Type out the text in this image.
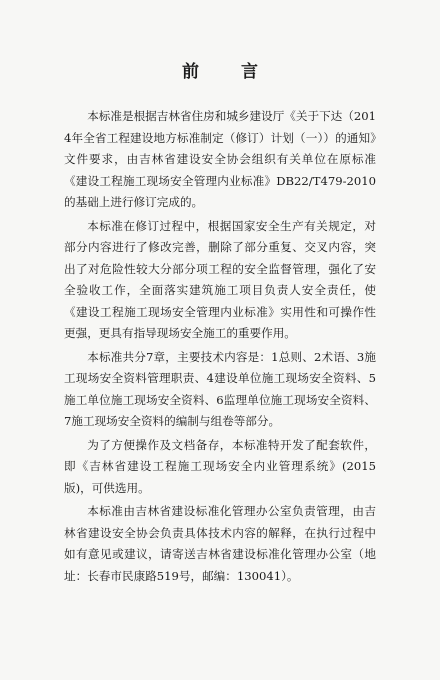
前 言

本标准是根据吉林省住房和城乡建设厅《关于下达（2014年全省工程建设地方标准制定（修订）计划（一））的通知》文件要求，由吉林省建设安全协会组织有关单位在原标准《建设工程施工现场安全管理内业标准》DB22/T479-2010的基础上进行修订完成的。

本标准在修订过程中，根据国家安全生产有关规定，对部分内容进行了修改完善，删除了部分重复、交叉内容，突出了对危险性较大分部分项工程的安全监督管理，强化了安全验收工作，全面落实建筑施工项目负责人安全责任，使《建设工程施工现场安全管理内业标准》实用性和可操作性更强，更具有指导现场安全施工的重要作用。

本标准共分7章，主要技术内容是：1总则、2术语、3施工现场安全资料管理职责、4建设单位施工现场安全资料、5施工单位施工现场安全资料、6监理单位施工现场安全资料、7施工现场安全资料的编制与组卷等部分。

为了方便操作及文档备存，本标准特开发了配套软件，即《吉林省建设工程施工现场安全内业管理系统》(2015版)，可供选用。

本标准由吉林省建设标准化管理办公室负责管理，由吉林省建设安全协会负责具体技术内容的解释，在执行过程中如有意见或建议，请寄送吉林省建设标准化管理办公室（地址：长春市民康路519号，邮编：130041）。
